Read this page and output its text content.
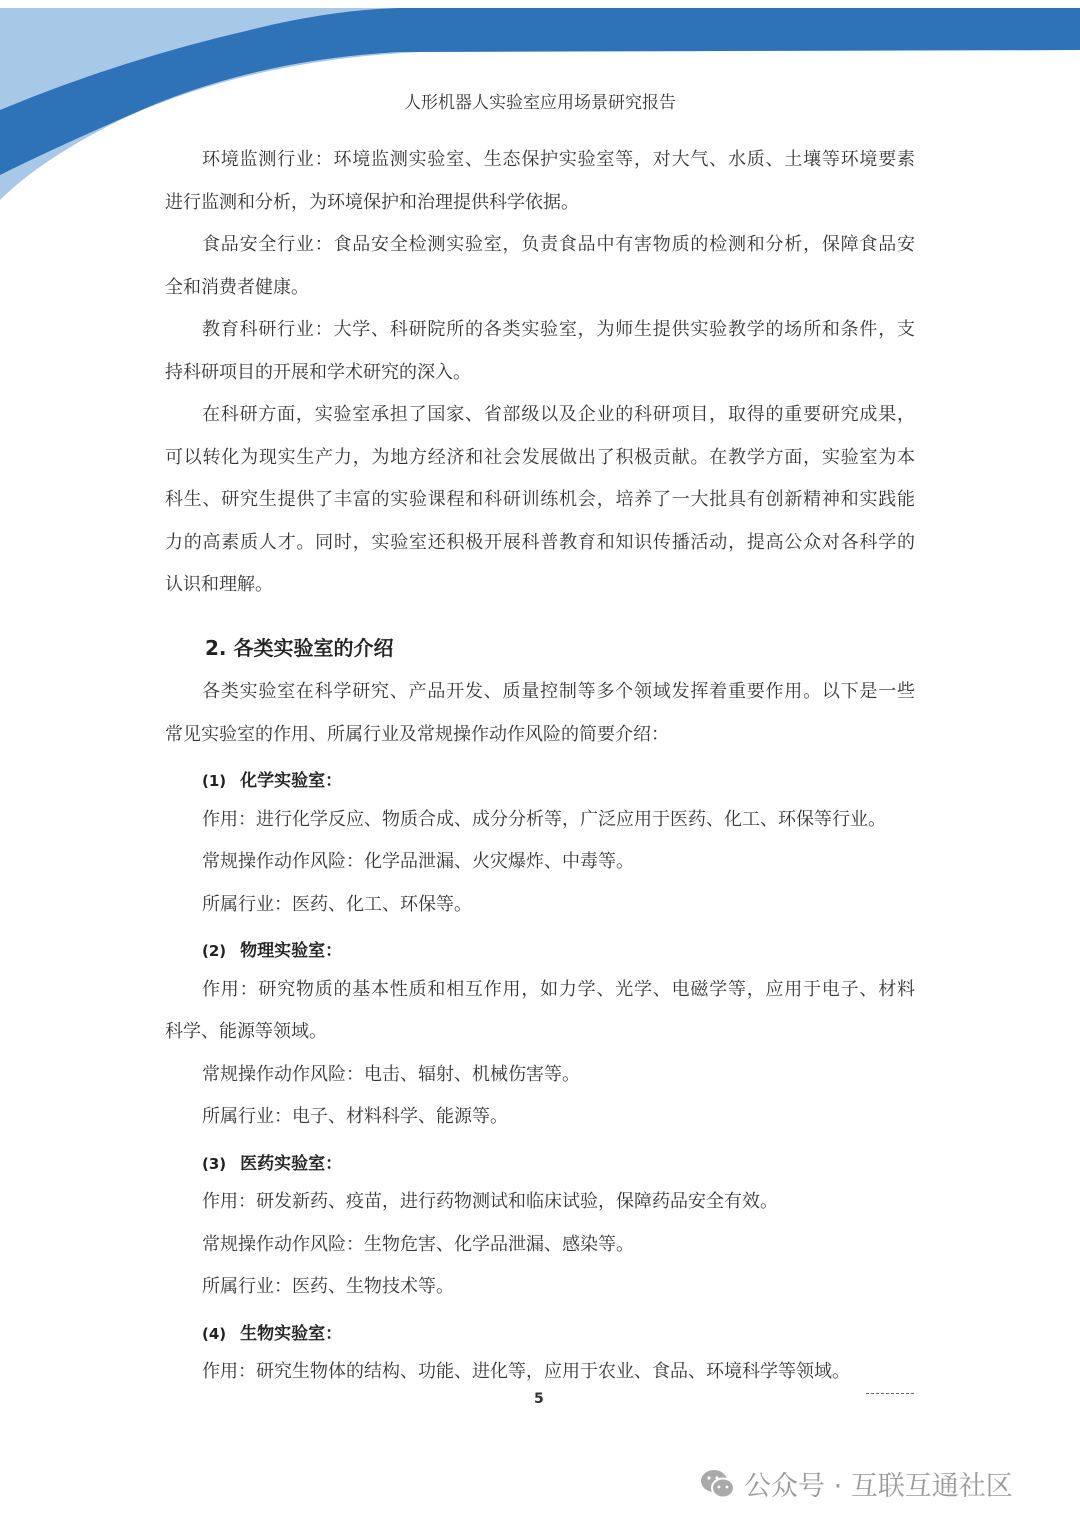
人形机器人实验室应用场景研究报告
环境监测行业：环境监测实验室、生态保护实验室等，对大气、水质、土壤等环境要素
进行监测和分析，为环境保护和治理提供科学依据。
食品安全行业：食品安全检测实验室，负责食品中有害物质的检测和分析，保障食品安
全和消费者健康。
教育科研行业：大学、科研院所的各类实验室，为师生提供实验教学的场所和条件，支
持科研项目的开展和学术研究的深入。
在科研方面，实验室承担了国家、省部级以及企业的科研项目，取得的重要研究成果，
可以转化为现实生产力，为地方经济和社会发展做出了积极贡献。在教学方面，实验室为本
科生、研究生提供了丰富的实验课程和科研训练机会，培养了一大批具有创新精神和实践能
力的高素质人才。同时，实验室还积极开展科普教育和知识传播活动，提高公众对各科学的
认识和理解。
2. 各类实验室的介绍
各类实验室在科学研究、产品开发、质量控制等多个领域发挥着重要作用。以下是一些
常见实验室的作用、所属行业及常规操作动作风险的简要介绍：
(1) 化学实验室：
作用：进行化学反应、物质合成、成分分析等，广泛应用于医药、化工、环保等行业。
常规操作动作风险：化学品泄漏、火灾爆炸、中毒等。
所属行业：医药、化工、环保等。
(2) 物理实验室：
作用：研究物质的基本性质和相互作用，如力学、光学、电磁学等，应用于电子、材料
科学、能源等领域。
常规操作动作风险：电击、辐射、机械伤害等。
所属行业：电子、材料科学、能源等。
(3) 医药实验室：
作用：研发新药、疫苗，进行药物测试和临床试验，保障药品安全有效。
常规操作动作风险：生物危害、化学品泄漏、感染等。
所属行业：医药、生物技术等。
(4) 生物实验室：
作用：研究生物体的结构、功能、进化等，应用于农业、食品、环境科学等领域。
5
公众号 · 互联互通社区
